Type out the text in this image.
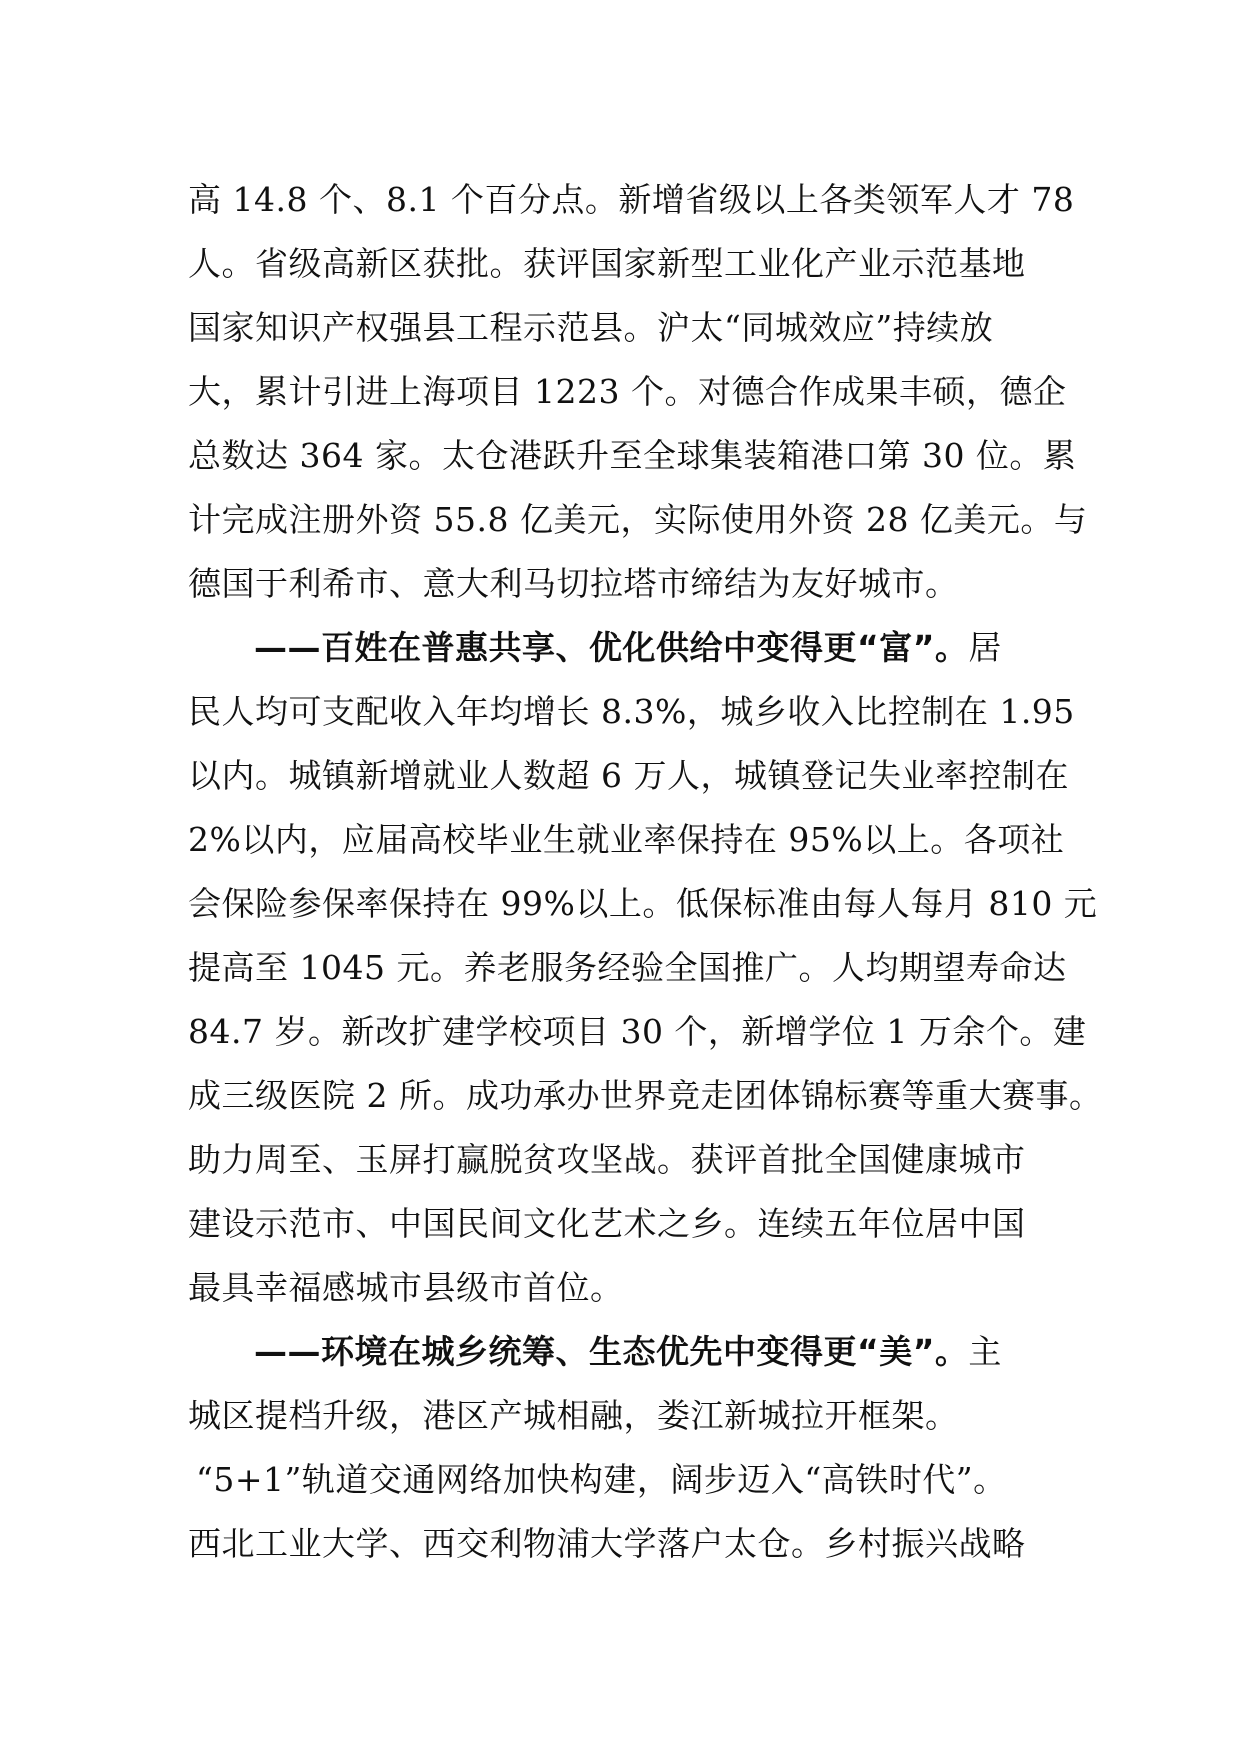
高 14.8 个、8.1 个百分点。新增省级以上各类领军人才 78
人。省级高新区获批。获评国家新型工业化产业示范基地
国家知识产权强县工程示范县。沪太“同城效应”持续放
大，累计引进上海项目 1223 个。对德合作成果丰硕，德企
总数达 364 家。太仓港跃升至全球集装箱港口第 30 位。累
计完成注册外资 55.8 亿美元，实际使用外资 28 亿美元。与
德国于利希市、意大利马切拉塔市缔结为友好城市。
——百姓在普惠共享、优化供给中变得更“富”。居
民人均可支配收入年均增长 8.3%，城乡收入比控制在 1.95
以内。城镇新增就业人数超 6 万人，城镇登记失业率控制在
2%以内，应届高校毕业生就业率保持在 95%以上。各项社
会保险参保率保持在 99%以上。低保标准由每人每月 810 元
提高至 1045 元。养老服务经验全国推广。人均期望寿命达
84.7 岁。新改扩建学校项目 30 个，新增学位 1 万余个。建
成三级医院 2 所。成功承办世界竞走团体锦标赛等重大赛事。
助力周至、玉屏打赢脱贫攻坚战。获评首批全国健康城市
建设示范市、中国民间文化艺术之乡。连续五年位居中国
最具幸福感城市县级市首位。
——环境在城乡统筹、生态优先中变得更“美”。主
城区提档升级，港区产城相融，娄江新城拉开框架。
“5+1”轨道交通网络加快构建，阔步迈入“高铁时代”。
西北工业大学、西交利物浦大学落户太仓。乡村振兴战略
